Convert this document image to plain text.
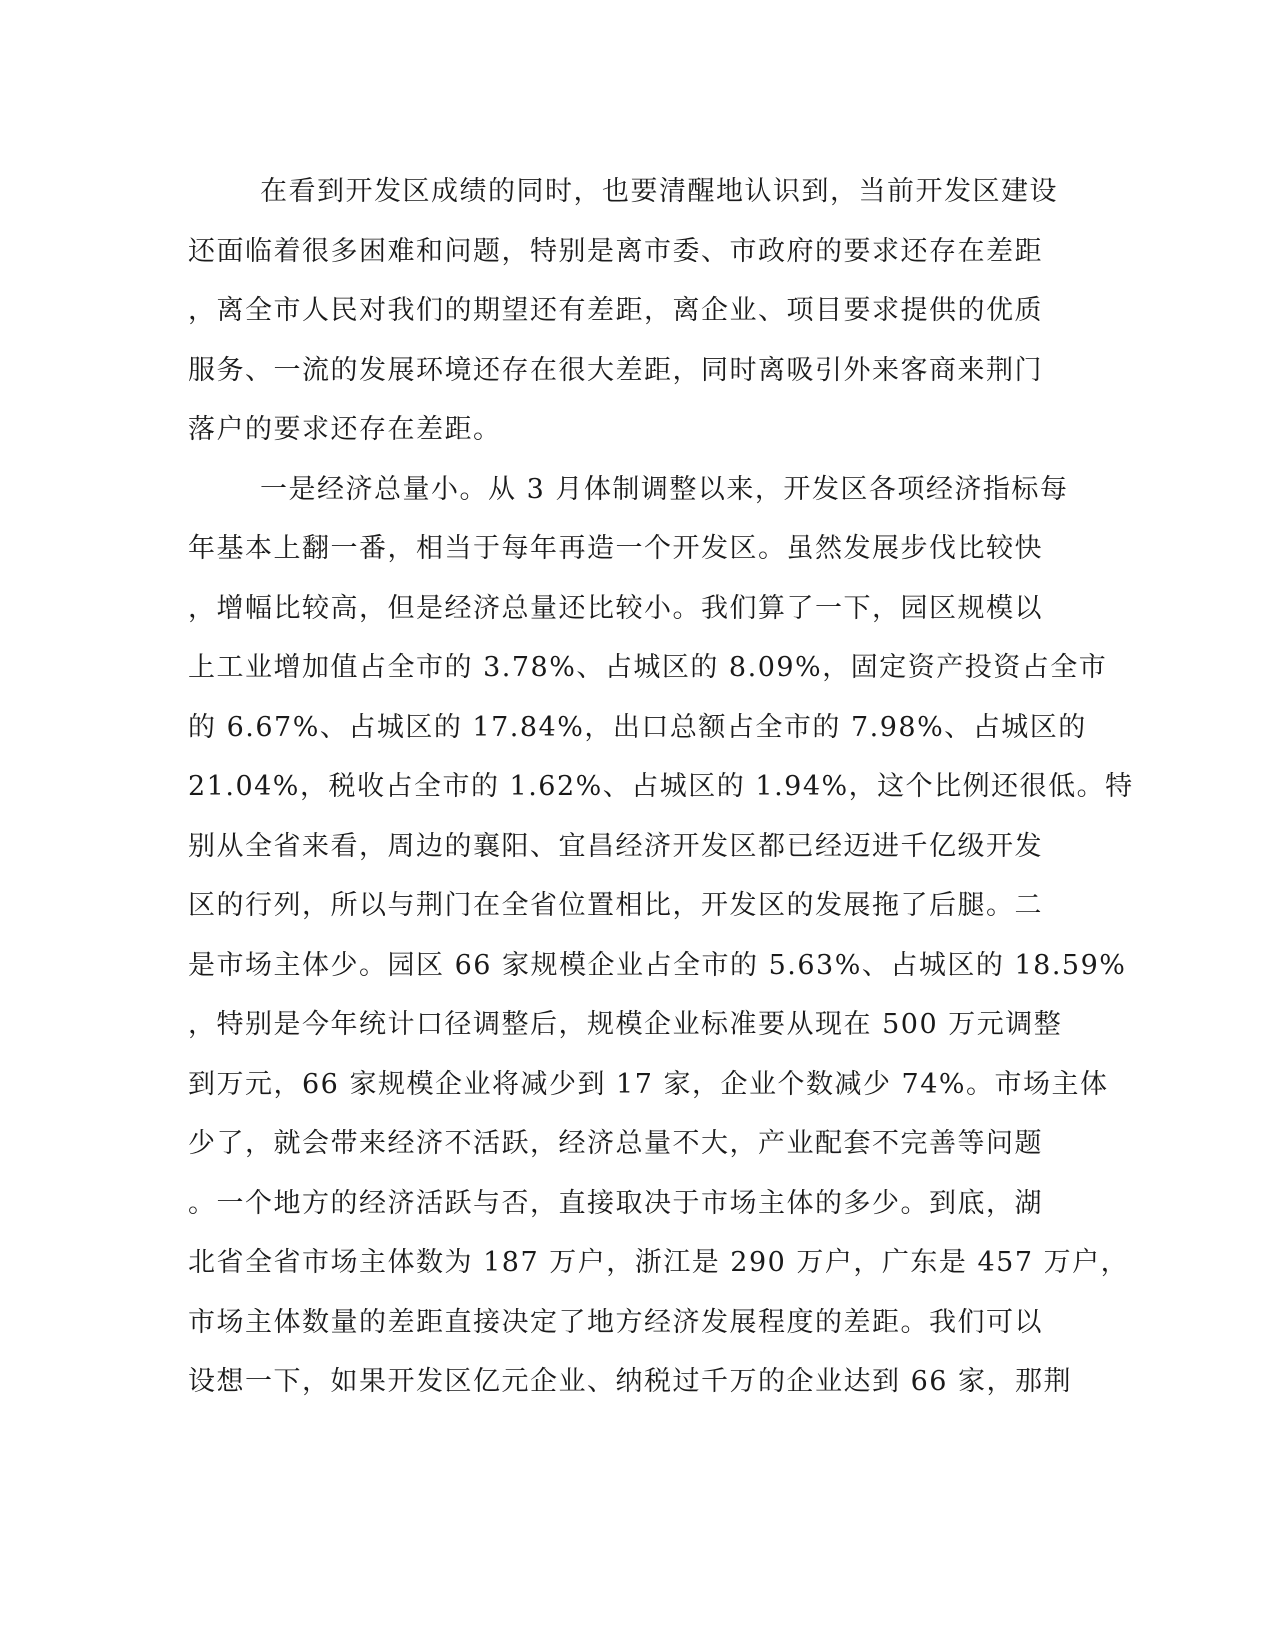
在看到开发区成绩的同时，也要清醒地认识到，当前开发区建设
还面临着很多困难和问题，特别是离市委、市政府的要求还存在差距
，离全市人民对我们的期望还有差距，离企业、项目要求提供的优质
服务、一流的发展环境还存在很大差距，同时离吸引外来客商来荆门
落户的要求还存在差距。
一是经济总量小。从 3 月体制调整以来，开发区各项经济指标每
年基本上翻一番，相当于每年再造一个开发区。虽然发展步伐比较快
，增幅比较高，但是经济总量还比较小。我们算了一下，园区规模以
上工业增加值占全市的 3.78%、占城区的 8.09%，固定资产投资占全市
的 6.67%、占城区的 17.84%，出口总额占全市的 7.98%、占城区的
21.04%，税收占全市的 1.62%、占城区的 1.94%，这个比例还很低。特
别从全省来看，周边的襄阳、宜昌经济开发区都已经迈进千亿级开发
区的行列，所以与荆门在全省位置相比，开发区的发展拖了后腿。二
是市场主体少。园区 66 家规模企业占全市的 5.63%、占城区的 18.59%
，特别是今年统计口径调整后，规模企业标准要从现在 500 万元调整
到万元，66 家规模企业将减少到 17 家，企业个数减少 74%。市场主体
少了，就会带来经济不活跃，经济总量不大，产业配套不完善等问题
。一个地方的经济活跃与否，直接取决于市场主体的多少。到底，湖
北省全省市场主体数为 187 万户，浙江是 290 万户，广东是 457 万户，
市场主体数量的差距直接决定了地方经济发展程度的差距。我们可以
设想一下，如果开发区亿元企业、纳税过千万的企业达到 66 家，那荆
